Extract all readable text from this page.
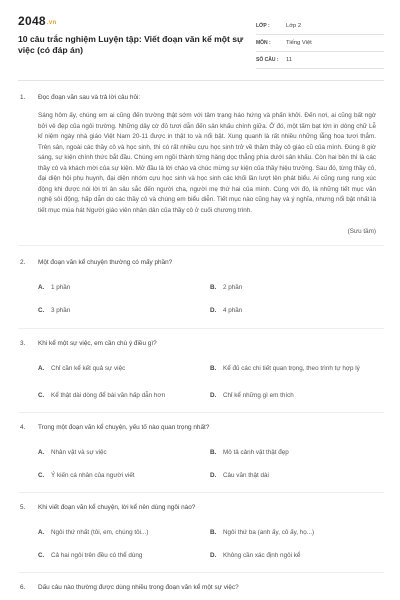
2048.vn
10 câu trắc nghiệm Luyện tập: Viết đoạn văn kể một sự việc (có đáp án)
LỚP :	Lớp 2
MÔN :	Tiếng Việt
SỐ CÂU :	11
1.	Đọc đoạn văn sau và trả lời câu hỏi:
Sáng hôm ấy, chúng em ai cũng đến trường thật sớm với tâm trạng háo hứng và phấn khởi. Đến nơi, ai cũng bất ngờ bởi vẻ đẹp của ngôi trường. Những dây cờ đỏ tươi dẫn đến sân khấu chính giữa. Ở đó, một tấm bạt lớn in dòng chữ Lễ kỉ niệm ngày nhà giáo Việt Nam 20-11 được in thật to và nổi bật. Xung quanh là rất nhiều những lẵng hoa tươi thắm. Trên sân, ngoài các thầy cô và học sinh, thì có rất nhiều cựu học sinh trở về thăm thầy cô giáo cũ của mình. Đúng 8 giờ sáng, sự kiện chính thức bắt đầu. Chúng em ngồi thành từng hàng dọc thẳng phía dưới sân khấu. Còn hai bên thì là các thầy cô và khách mời của sự kiện. Mở đầu là lời chào và chúc mừng sự kiện của thầy hiệu trưởng. Sau đó, từng thầy cô, đại diện hội phụ huynh, đại diện nhóm cựu học sinh và học sinh các khối lần lượt lên phát biểu. Ai cũng rung rung xúc động khi được nói lời tri ân sâu sắc đến người cha, người mẹ thứ hai của mình. Cùng với đó, là những tiết mục văn nghệ sôi động, hấp dẫn do các thầy cô và chúng em biểu diễn. Tiết mục nào cũng hay và ý nghĩa, nhưng nổi bật nhất là tiết mục múa hát Người giáo viên nhân dân của thầy cô ở cuối chương trình.
(Sưu tầm)
2.	Một đoạn văn kể chuyện thường có mấy phần?
A.	1 phần	B.	2 phần
C.	3 phần	D.	4 phần
3.	Khi kể một sự việc, em cần chú ý điều gì?
A.	Chỉ cần kể kết quả sự việc	B.	Kể đủ các chi tiết quan trọng, theo trình tự hợp lý
C.	Kể thật dài dòng để bài văn hấp dẫn hơn	D.	Chỉ kể những gì em thích
4.	Trong một đoạn văn kể chuyện, yếu tố nào quan trọng nhất?
A.	Nhân vật và sự việc	B.	Mô tả cảnh vật thật đẹp
C.	Ý kiến cá nhân của người viết	D.	Câu văn thật dài
5.	Khi viết đoạn văn kể chuyện, lời kể nên dùng ngôi nào?
A.	Ngôi thứ nhất (tôi, em, chúng tôi...)	B.	Ngôi thứ ba (anh ấy, cô ấy, họ...)
C.	Cả hai ngôi trên đều có thể dùng	D.	Không cần xác định ngôi kể
6.	Dấu câu nào thường được dùng nhiều trong đoạn văn kể một sự việc?
